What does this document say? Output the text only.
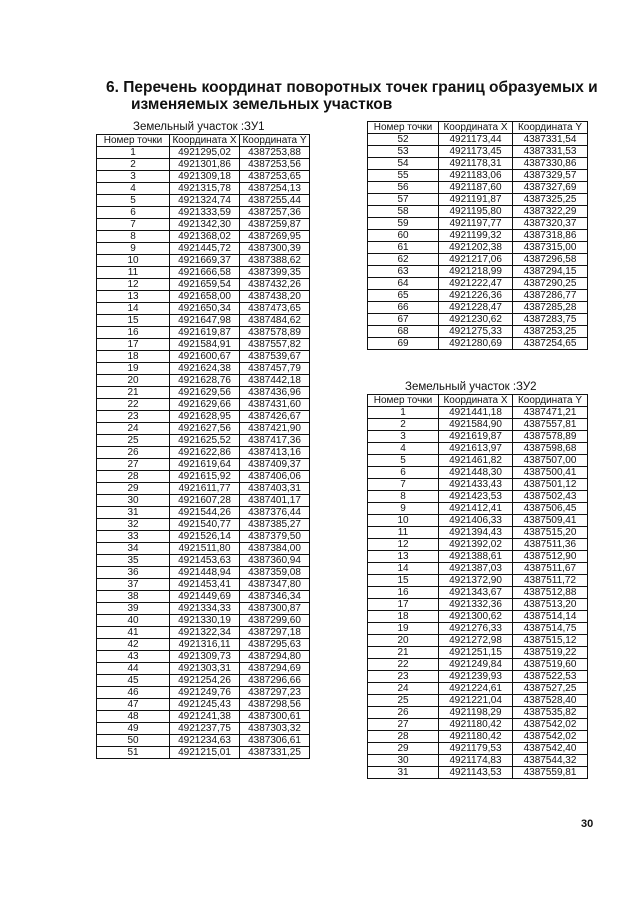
6. Перечень координат поворотных точек границ образуемых и
изменяемых земельных участков
Земельный участок :ЗУ1
Номер точки	Координата X	Координата Y
1	4921295,02	4387253,88
2	4921301,86	4387253,56
3	4921309,18	4387253,65
4	4921315,78	4387254,13
5	4921324,74	4387255,44
6	4921333,59	4387257,36
7	4921342,30	4387259,87
8	4921368,02	4387269,95
9	4921445,72	4387300,39
10	4921669,37	4387388,62
11	4921666,58	4387399,35
12	4921659,54	4387432,26
13	4921658,00	4387438,20
14	4921650,34	4387473,65
15	4921647,98	4387484,62
16	4921619,87	4387578,89
17	4921584,91	4387557,82
18	4921600,67	4387539,67
19	4921624,38	4387457,79
20	4921628,76	4387442,18
21	4921629,56	4387436,96
22	4921629,66	4387431,60
23	4921628,95	4387426,67
24	4921627,56	4387421,90
25	4921625,52	4387417,36
26	4921622,86	4387413,16
27	4921619,64	4387409,37
28	4921615,92	4387406,06
29	4921611,77	4387403,31
30	4921607,28	4387401,17
31	4921544,26	4387376,44
32	4921540,77	4387385,27
33	4921526,14	4387379,50
34	4921511,80	4387384,00
35	4921453,63	4387360,94
36	4921448,94	4387359,08
37	4921453,41	4387347,80
38	4921449,69	4387346,34
39	4921334,33	4387300,87
40	4921330,19	4387299,60
41	4921322,34	4387297,18
42	4921316,11	4387295,63
43	4921309,73	4387294,80
44	4921303,31	4387294,69
45	4921254,26	4387296,66
46	4921249,76	4387297,23
47	4921245,43	4387298,56
48	4921241,38	4387300,61
49	4921237,75	4387303,32
50	4921234,63	4387306,61
51	4921215,01	4387331,25
Номер точки	Координата X	Координата Y
52	4921173,44	4387331,54
53	4921173,45	4387331,53
54	4921178,31	4387330,86
55	4921183,06	4387329,57
56	4921187,60	4387327,69
57	4921191,87	4387325,25
58	4921195,80	4387322,29
59	4921197,77	4387320,37
60	4921199,32	4387318,86
61	4921202,38	4387315,00
62	4921217,06	4387296,58
63	4921218,99	4387294,15
64	4921222,47	4387290,25
65	4921226,36	4387286,77
66	4921228,47	4387285,28
67	4921230,62	4387283,75
68	4921275,33	4387253,25
69	4921280,69	4387254,65
Земельный участок :ЗУ2
Номер точки	Координата X	Координата Y
1	4921441,18	4387471,21
2	4921584,90	4387557,81
3	4921619,87	4387578,89
4	4921613,97	4387598,68
5	4921461,82	4387507,00
6	4921448,30	4387500,41
7	4921433,43	4387501,12
8	4921423,53	4387502,43
9	4921412,41	4387506,45
10	4921406,33	4387509,41
11	4921394,43	4387515,20
12	4921392,02	4387511,36
13	4921388,61	4387512,90
14	4921387,03	4387511,67
15	4921372,90	4387511,72
16	4921343,67	4387512,88
17	4921332,36	4387513,20
18	4921300,62	4387514,14
19	4921276,33	4387514,75
20	4921272,98	4387515,12
21	4921251,15	4387519,22
22	4921249,84	4387519,60
23	4921239,93	4387522,53
24	4921224,61	4387527,25
25	4921221,04	4387528,40
26	4921198,29	4387535,82
27	4921180,42	4387542,02
28	4921180,42	4387542,02
29	4921179,53	4387542,40
30	4921174,83	4387544,32
31	4921143,53	4387559,81
30
